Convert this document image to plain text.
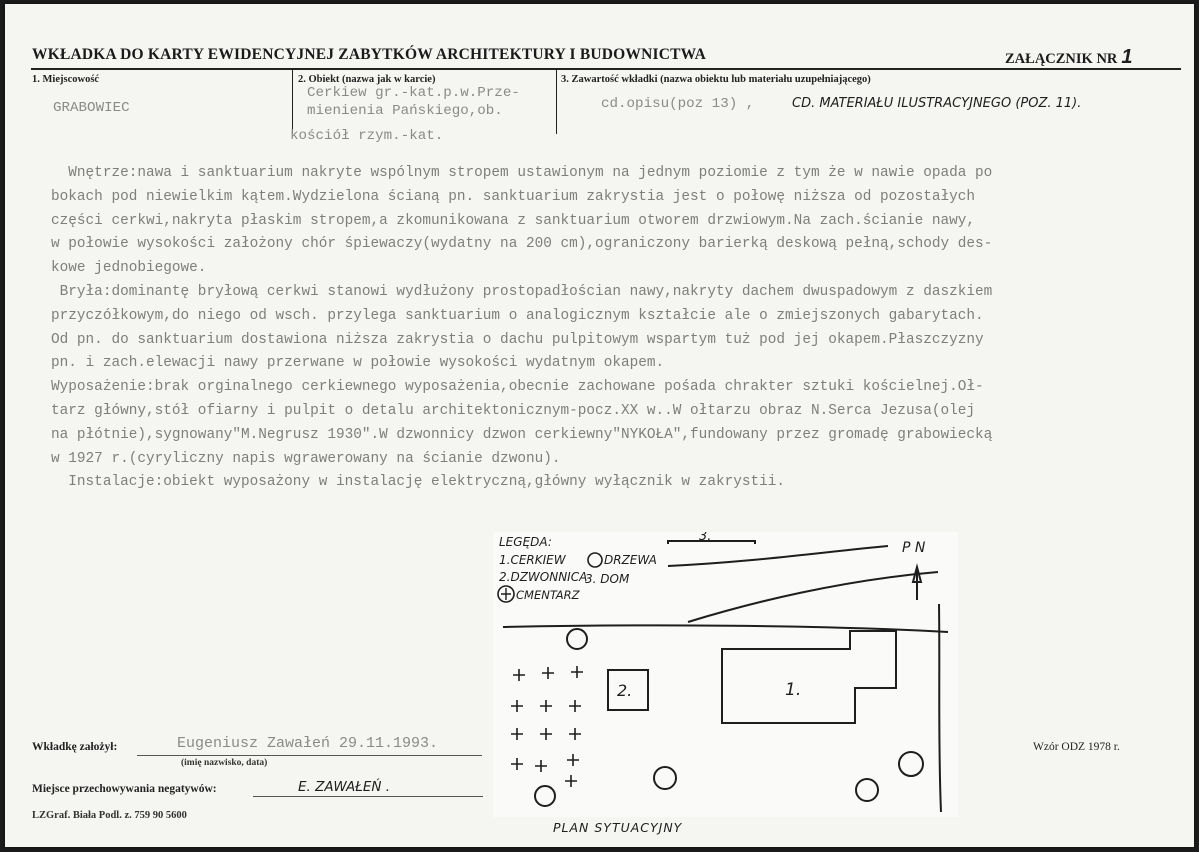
WKŁADKA DO KARTY EWIDENCYJNEJ ZABYTKÓW ARCHITEKTURY I BUDOWNICTWA	ZAŁĄCZNIK NR 1
1. Miejscowość
GRABOWIEC
2. Obiekt (nazwa jak w karcie)
Cerkiew gr.-kat.p.w.Prze-
mienienia Pańskiego,ob.
kościół rzym.-kat.
3. Zawartość wkładki (nazwa obiektu lub materiału uzupełniającego)
cd.opisu(poz 13) ,	CD. MATERIAŁU ILUSTRACYJNEGO (POZ. 11).
Wnętrze:nawa i sanktuarium nakryte wspólnym stropem ustawionym na jednym poziomie z tym że w nawie opada po
bokach pod niewielkim kątem.Wydzielona ścianą pn. sanktuarium zakrystia jest o połowę niższa od pozostałych
części cerkwi,nakryta płaskim stropem,a zkomunikowana z sanktuarium otworem drzwiowym.Na zach.ścianie nawy,
w połowie wysokości założony chór śpiewaczy(wydatny na 200 cm),ograniczony barierką deskową pełną,schody des-
kowe jednobiegowe.
Bryła:dominantę bryłową cerkwi stanowi wydłużony prostopadłościan nawy,nakryty dachem dwuspadowym z daszkiem
przyczółkowym,do niego od wsch. przylega sanktuarium o analogicznym kształcie ale o zmiejszonych gabarytach.
Od pn. do sanktuarium dostawiona niższa zakrystia o dachu pulpitowym wspartym tuż pod jej okapem.Płaszczyzny
pn. i zach.elewacji nawy przerwane w połowie wysokości wydatnym okapem.
Wyposażenie:brak orginalnego cerkiewnego wyposażenia,obecnie zachowane pośada chrakter sztuki kościelnej.Oł-
tarz główny,stół ofiarny i pulpit o detalu architektonicznym-pocz.XX w..W ołtarzu obraz N.Serca Jezusa(olej
na płótnie),sygnowany"M.Negrusz 1930".W dzwonnicy dzwon cerkiewny"NYKOŁA",fundowany przez gromadę grabowiecką
w 1927 r.(cyryliczny napis wgrawerowany na ścianie dzwonu).
Instalacje:obiekt wyposażony w instalację elektryczną,główny wyłącznik w zakrystii.
Wkładkę założył:	Eugeniusz Zawałeń 29.11.1993.
(imię nazwisko, data)
Miejsce przechowywania negatywów:	E. ZAWAŁEŃ .
LZGraf. Biała Podl. z. 759 90 5600
Wzór ODZ 1978 r.
LEGĘDA:
1.CERKIEW	DRZEWA
2.DZWONNICA
3. DOM
CMENTARZ
3.
P N
1.
2.
PLAN SYTUACYJNY
